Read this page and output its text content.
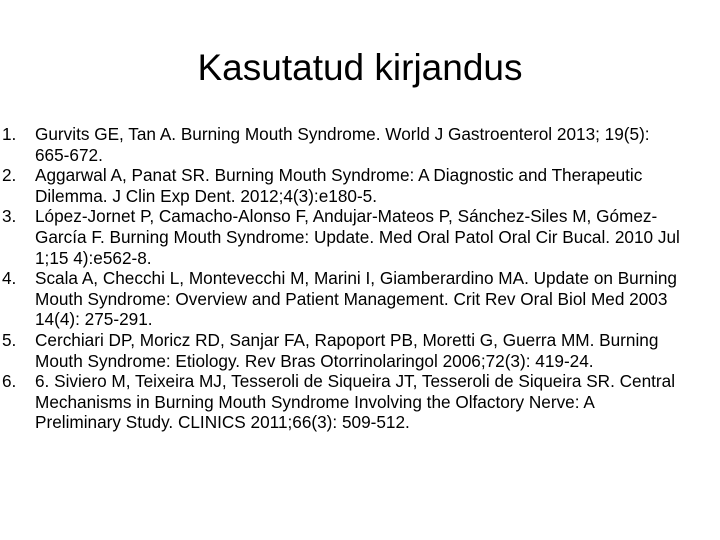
Kasutatud kirjandus
1.	Gurvits GE, Tan A. Burning Mouth Syndrome. World J Gastroenterol 2013; 19(5): 665-672.
2.	Aggarwal A, Panat SR. Burning Mouth Syndrome: A Diagnostic and Therapeutic Dilemma. J Clin Exp Dent. 2012;4(3):e180-5.
3.	López-Jornet P, Camacho-Alonso F, Andujar-Mateos P, Sánchez-Siles M, Gómez- García F. Burning Mouth Syndrome: Update. Med Oral Patol Oral Cir Bucal. 2010 Jul 1;15 4):e562-8.
4.	Scala A, Checchi L, Montevecchi M, Marini I, Giamberardino MA. Update on Burning Mouth Syndrome: Overview and Patient Management. Crit Rev Oral Biol Med 2003 14(4): 275-291.
5.	Cerchiari DP, Moricz RD, Sanjar FA, Rapoport PB, Moretti G, Guerra MM. Burning Mouth Syndrome: Etiology. Rev Bras Otorrinolaringol 2006;72(3): 419-24.
6.	6. Siviero M, Teixeira MJ, Tesseroli de Siqueira JT, Tesseroli de Siqueira SR. Central Mechanisms in Burning Mouth Syndrome Involving the Olfactory Nerve: A Preliminary Study. CLINICS 2011;66(3): 509-512.
